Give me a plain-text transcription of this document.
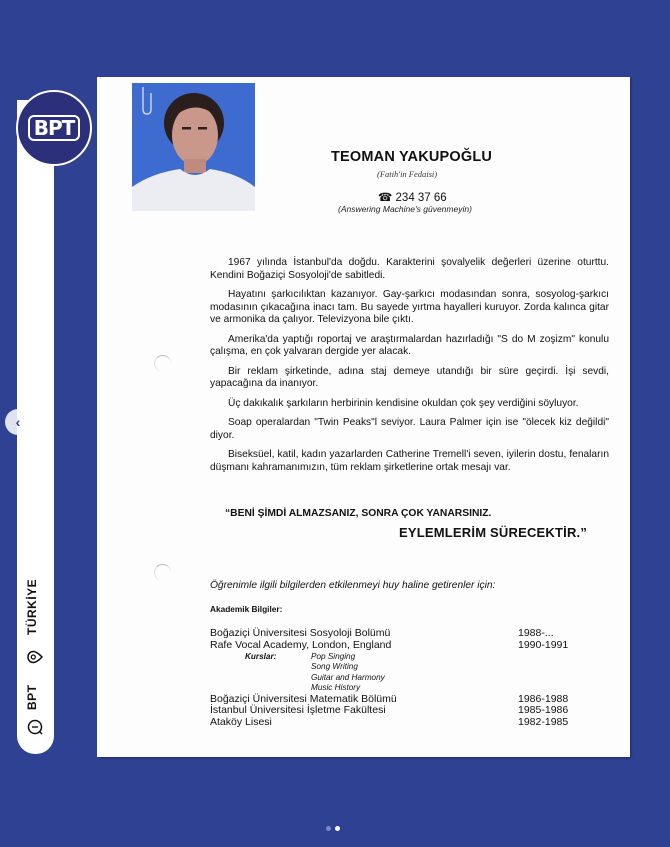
BPT
TÜRKİYE
BPT
‹
TEOMAN YAKUPOĞLU
(Fatih'in Fedaisi)
☎ 234 37 66
(Answering Machine's güvenmeyin)

1967 yılında İstanbul'da doğdu. Karakterini şovalyelik değerleri üzerine oturttu. Kendini Boğaziçi Sosyoloji'de sabitledi.

Hayatını şarkıcılıktan kazanıyor. Gay-şarkıcı modasından sonra, sosyolog-şarkıcı modasının çıkacağına inacı tam. Bu sayede yırtma hayalleri kuruyor. Zorda kalınca gitar ve armonika da çalıyor. Televizyona bile çıktı.

Amerika'da yaptığı roportaj ve araştırmalardan hazırladığı "S do M zoşizm" konulu çalışma, en çok yalvaran dergide yer alacak.

Bir reklam şirketinde, adına staj demeye utandığı bir süre geçirdi. İşi sevdi, yapacağına da inanıyor.

Üç dakıkalık şarkıların herbirinin kendisine okuldan çok şey verdiğini söyluyor.

Soap operalardan "Twin Peaks"l seviyor. Laura Palmer için ise "ölecek kiz değildi" diyor.

Biseksüel, katil, kadın yazarlarden Catherine Tremell'i seven, iyilerin dostu, fenaların düşmanı kahramanımızın, tüm reklam şirketlerine ortak mesajı var.

“BENİ ŞİMDİ ALMAZSANIZ, SONRA ÇOK YANARSINIZ.
EYLEMLERİM SÜRECEKTİR.”
Öğrenimle ilgili bilgilerden etkilenmeyi huy haline getirenler için:
Akademik Bilgiler:
Boğaziçi Üniversitesi Sosyoloji Bolümü	1988-...
Rafe Vocal Academy, London, England	1990-1991
Kurslar:	Pop Singing
Song Writing
Guitar and Harmony
Music History
Boğaziçi Üniversitesi Matematik Bölümü	1986-1988
İstanbul Üniversitesi İşletme Fakültesi	1985-1986
Ataköy Lisesi	1982-1985
